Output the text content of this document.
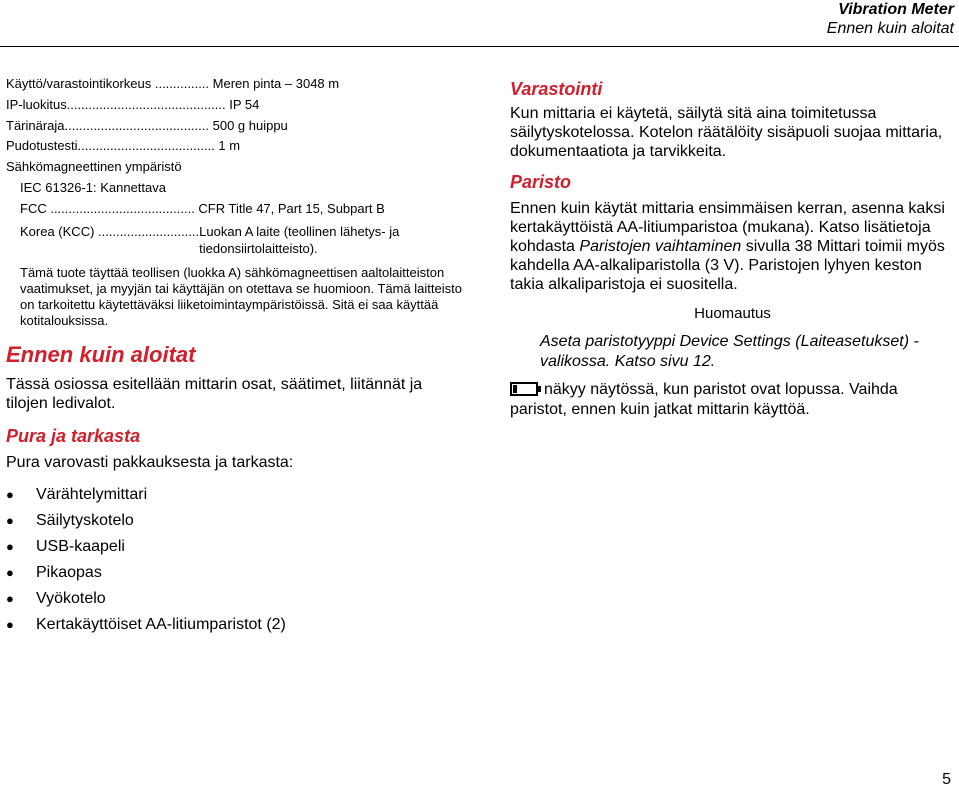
Vibration Meter
Ennen kuin aloitat
Käyttö/varastointikorkeus ............... Meren pinta – 3048 m
IP-luokitus............................................ IP 54
Tärinäraja........................................ 500 g huippu
Pudotustesti...................................... 1 m
Sähkömagneettinen ympäristö
IEC 61326-1: Kannettava
FCC ........................................ CFR Title 47, Part 15, Subpart B
Korea (KCC) ............................ Luokan A laite (teollinen lähetys- ja tiedonsiirtolaitteisto).

Tämä tuote täyttää teollisen (luokka A) sähkömagneettisen aaltolaitteiston vaatimukset, ja myyjän tai käyttäjän on otettava se huomioon. Tämä laitteisto on tarkoitettu käytettäväksi liiketoimintaympäristöissä. Sitä ei saa käyttää kotitalouksissa.

Ennen kuin aloitat
Tässä osiossa esitellään mittarin osat, säätimet, liitännät ja tilojen ledivalot.
Pura ja tarkasta
Pura varovasti pakkauksesta ja tarkasta:
● Värähtelymittari
● Säilytyskotelo
● USB-kaapeli
● Pikaopas
● Vyökotelo
● Kertakäyttöiset AA-litiumparistot (2)
Varastointi
Kun mittaria ei käytetä, säilytä sitä aina toimitetussa säilytyskotelossa. Kotelon räätälöity sisäpuoli suojaa mittaria, dokumentaatiota ja tarvikkeita.
Paristo
Ennen kuin käytät mittaria ensimmäisen kerran, asenna kaksi kertakäyttöistä AA-litiumparistoa (mukana). Katso lisätietoja kohdasta Paristojen vaihtaminen sivulla 38 Mittari toimii myös kahdella AA-alkaliparistolla (3 V). Paristojen lyhyen keston takia alkaliparistoja ei suositella.
Huomautus
Aseta paristotyyppi Device Settings (Laiteasetukset) -valikossa. Katso sivu 12.
näkyy näytössä, kun paristot ovat lopussa. Vaihda paristot, ennen kuin jatkat mittarin käyttöä.
5
